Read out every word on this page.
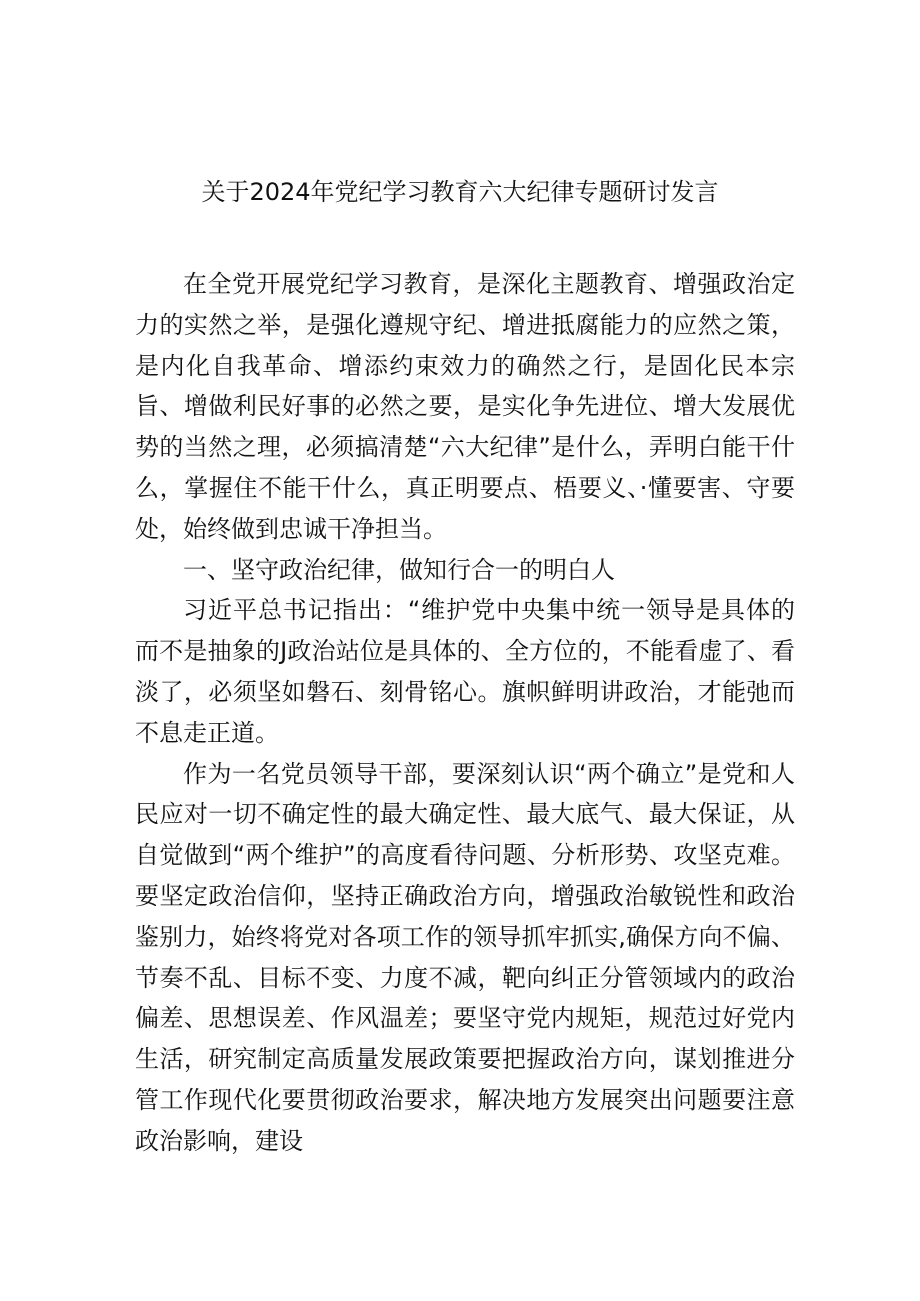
关于2024年党纪学习教育六大纪律专题研讨发言

在全党开展党纪学习教育，是深化主题教育、增强政治定力的实然之举，是强化遵规守纪、增进抵腐能力的应然之策，是内化自我革命、增添约束效力的确然之行，是固化民本宗旨、增做利民好事的必然之要，是实化争先进位、增大发展优势的当然之理，必须搞清楚“六大纪律”是什么，弄明白能干什么，掌握住不能干什么，真正明要点、梧要义、·懂要害、守要处，始终做到忠诚干净担当。

一、坚守政治纪律，做知行合一的明白人

习近平总书记指出：“维护党中央集中统一领导是具体的而不是抽象的J政治站位是具体的、全方位的，不能看虚了、看淡了，必须坚如磐石、刻骨铭心。旗帜鲜明讲政治，才能弛而不息走正道。

作为一名党员领导干部，要深刻认识“两个确立”是党和人民应对一切不确定性的最大确定性、最大底气、最大保证，从自觉做到“两个维护”的高度看待问题、分析形势、攻坚克难。要坚定政治信仰，坚持正确政治方向，增强政治敏锐性和政治鉴别力，始终将党对各项工作的领导抓牢抓实,确保方向不偏、节奏不乱、目标不变、力度不减，靶向纠正分管领域内的政治偏差、思想误差、作风温差；要坚守党内规矩，规范过好党内生活，研究制定高质量发展政策要把握政治方向，谋划推进分管工作现代化要贯彻政治要求，解决地方发展突出问题要注意政治影响，建设
